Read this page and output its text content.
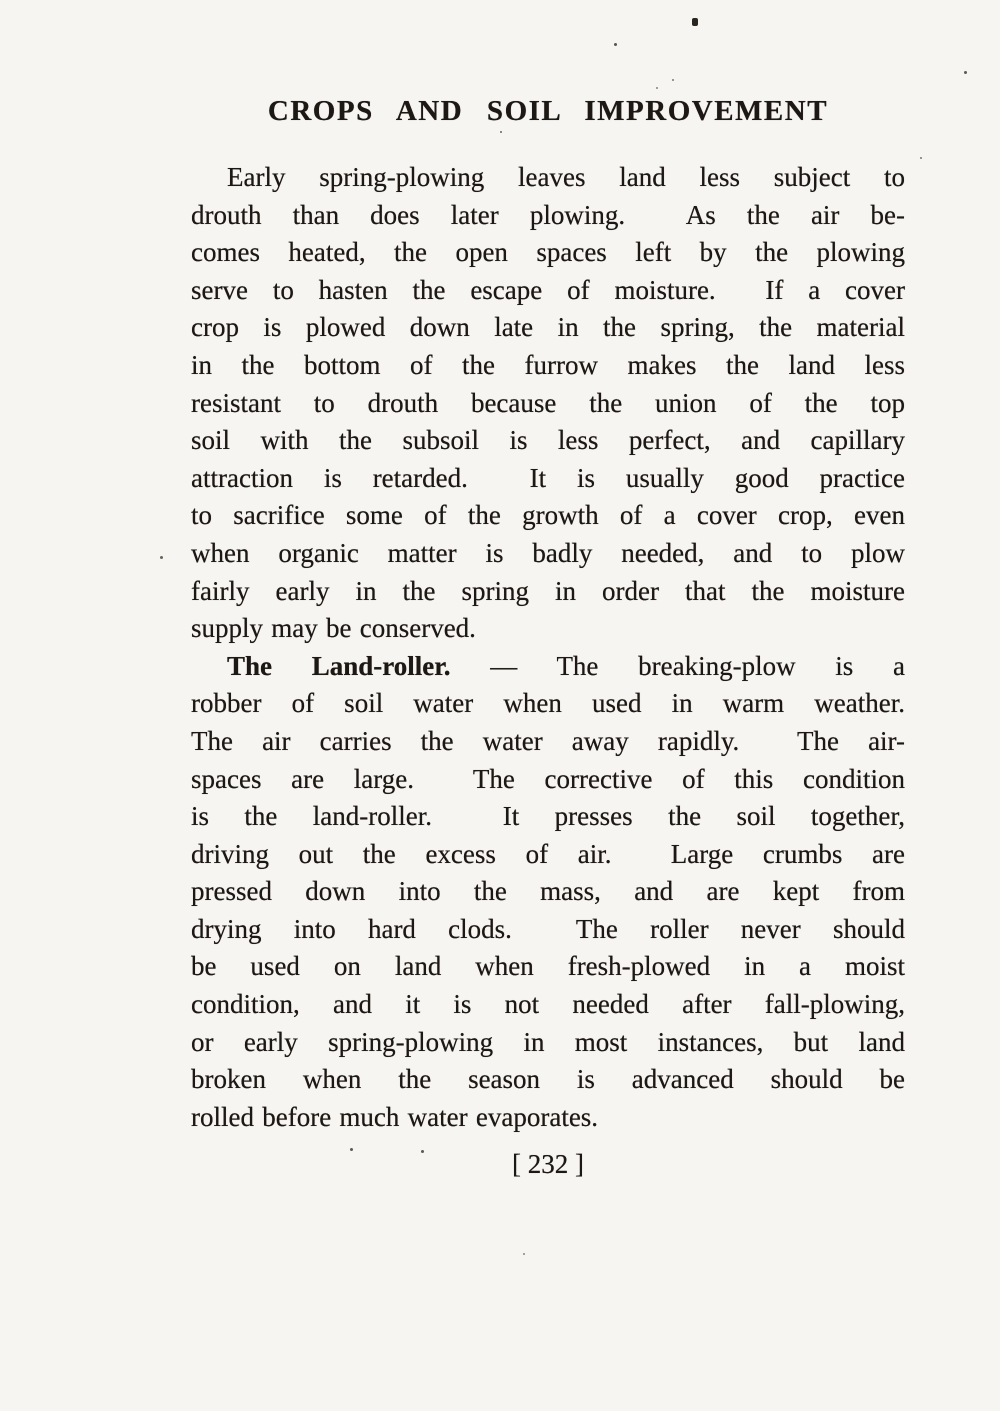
CROPS AND SOIL IMPROVEMENT
Early spring-plowing leaves land less subject to
drouth than does later plowing.  As the air be-
comes heated, the open spaces left by the plowing
serve to hasten the escape of moisture.  If a cover
crop is plowed down late in the spring, the material
in the bottom of the furrow makes the land less
resistant to drouth because the union of the top
soil with the subsoil is less perfect, and capillary
attraction is retarded.  It is usually good practice
to sacrifice some of the growth of a cover crop, even
when organic matter is badly needed, and to plow
fairly early in the spring in order that the moisture
supply may be conserved.
The Land-roller. — The breaking-plow is a
robber of soil water when used in warm weather.
The air carries the water away rapidly.  The air-
spaces are large.  The corrective of this condition
is the land-roller.  It presses the soil together,
driving out the excess of air.  Large crumbs are
pressed down into the mass, and are kept from
drying into hard clods.  The roller never should
be used on land when fresh-plowed in a moist
condition, and it is not needed after fall-plowing,
or early spring-plowing in most instances, but land
broken when the season is advanced should be
rolled before much water evaporates.
[ 232 ]
